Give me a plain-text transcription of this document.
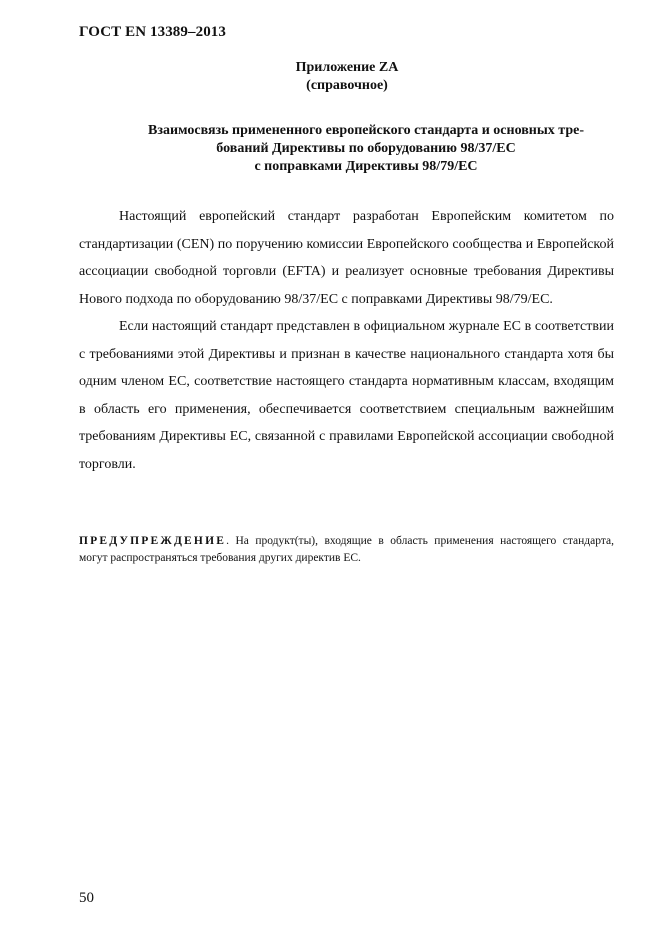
ГОСТ EN 13389–2013
Приложение ZA
(справочное)
Взаимосвязь примененного европейского стандарта и основных тре-
бований Директивы по оборудованию 98/37/ЕС
с поправками Директивы 98/79/ЕС

Настоящий европейский стандарт разработан Европейским комитетом по стандартизации (CEN) по поручению комиссии Европейского сообщества и Европейской ассоциации свободной торговли (EFTA) и реализует основные требования Директивы Нового подхода по оборудованию 98/37/ЕС с поправками Директивы 98/79/ЕС.

Если настоящий стандарт представлен в официальном журнале ЕС в соответствии с требованиями этой Директивы и признан в качестве национального стандарта хотя бы одним членом ЕС, соответствие настоящего стандарта нормативным классам, входящим в область его применения, обеспечивается соответствием специальным важнейшим требованиям Директивы ЕС, связанной с правилами Европейской ассоциации свободной торговли.

ПРЕДУПРЕЖДЕНИЕ. На продукт(ты), входящие в область применения настоящего стандарта, могут распространяться требования других директив ЕС.
50
